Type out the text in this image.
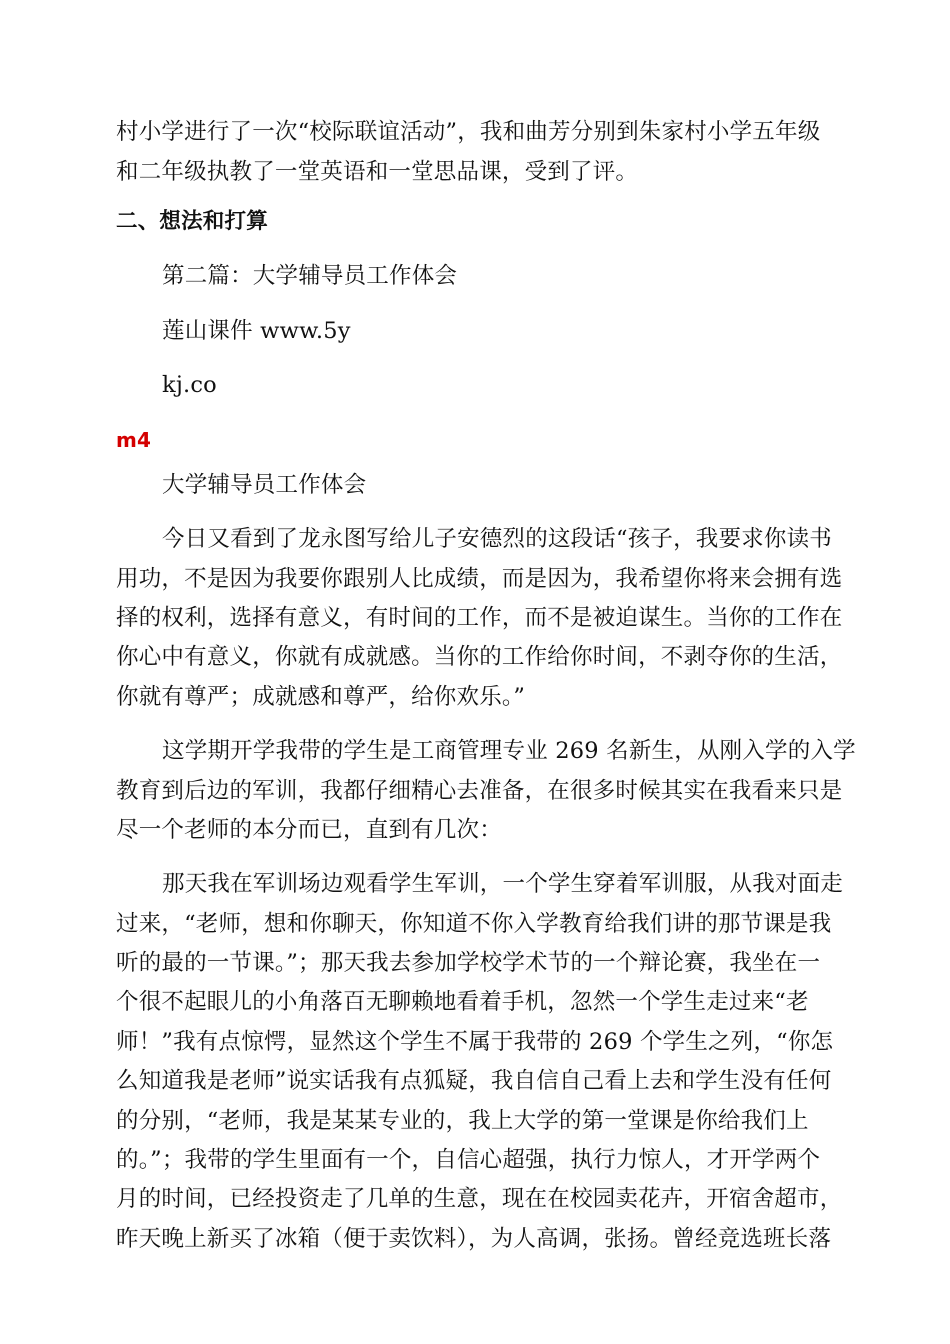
村小学进行了一次“校际联谊活动”，我和曲芳分别到朱家村小学五年级
和二年级执教了一堂英语和一堂思品课，受到了评。
二、想法和打算
第二篇：大学辅导员工作体会
莲山课件 www.5y
kj.co
m4
大学辅导员工作体会
今日又看到了龙永图写给儿子安德烈的这段话“孩子，我要求你读书
用功，不是因为我要你跟别人比成绩，而是因为，我希望你将来会拥有选
择的权利，选择有意义，有时间的工作，而不是被迫谋生。当你的工作在
你心中有意义，你就有成就感。当你的工作给你时间，不剥夺你的生活，
你就有尊严；成就感和尊严，给你欢乐。”
这学期开学我带的学生是工商管理专业 269 名新生，从刚入学的入学
教育到后边的军训，我都仔细精心去准备，在很多时候其实在我看来只是
尽一个老师的本分而已，直到有几次：
那天我在军训场边观看学生军训，一个学生穿着军训服，从我对面走
过来，“老师，想和你聊天，你知道不你入学教育给我们讲的那节课是我
听的最的一节课。”；那天我去参加学校学术节的一个辩论赛，我坐在一
个很不起眼儿的小角落百无聊赖地看着手机，忽然一个学生走过来“老
师！”我有点惊愕，显然这个学生不属于我带的 269 个学生之列，“你怎
么知道我是老师”说实话我有点狐疑，我自信自己看上去和学生没有任何
的分别，“老师，我是某某专业的，我上大学的第一堂课是你给我们上
的。”；我带的学生里面有一个，自信心超强，执行力惊人，才开学两个
月的时间，已经投资走了几单的生意，现在在校园卖花卉，开宿舍超市，
昨天晚上新买了冰箱（便于卖饮料），为人高调，张扬。曾经竞选班长落
